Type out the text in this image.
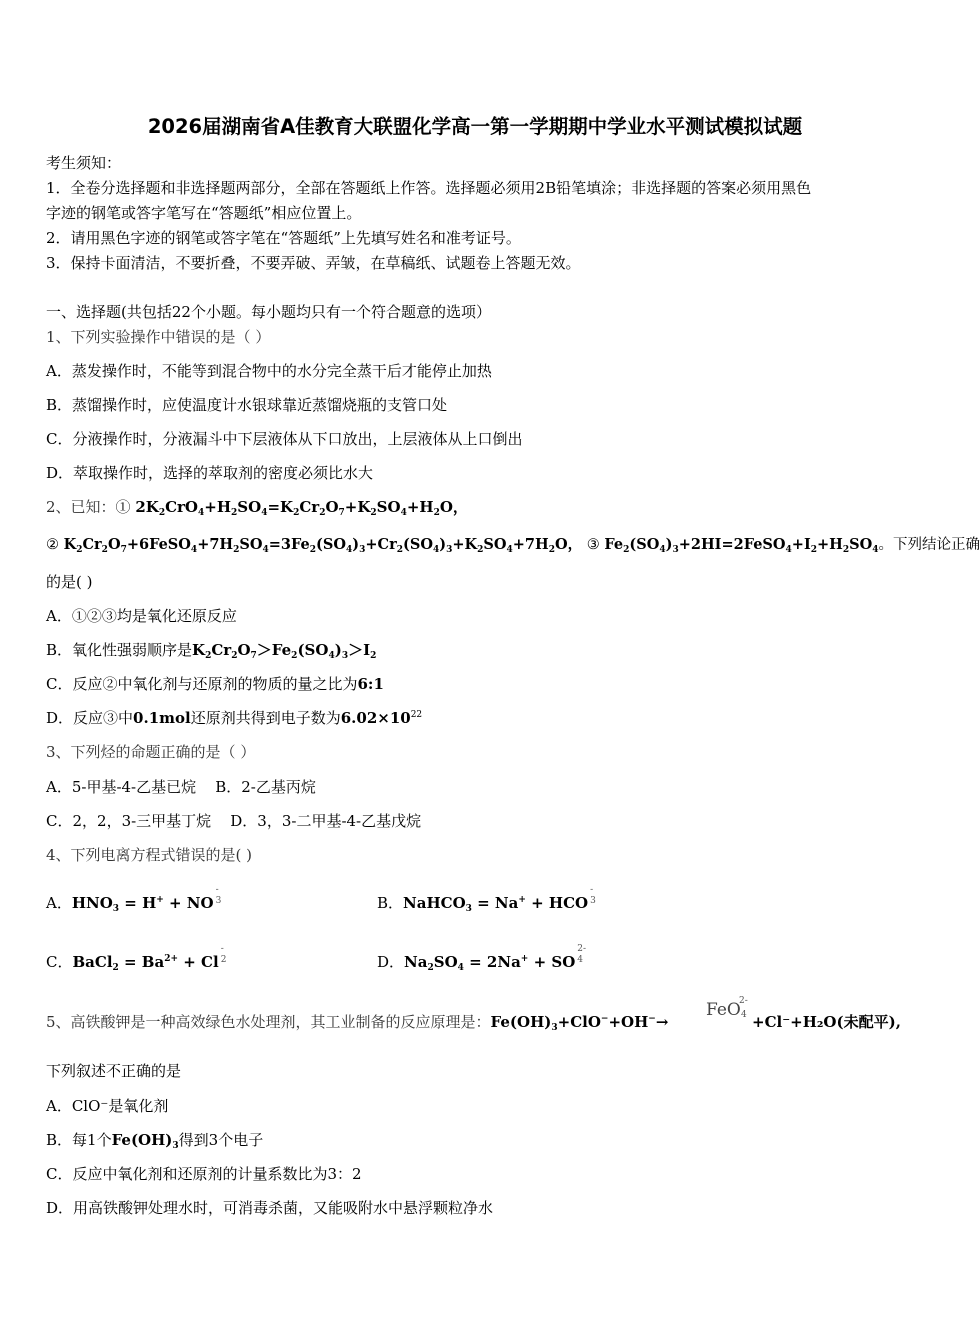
2026届湖南省A佳教育大联盟化学高一第一学期期中学业水平测试模拟试题
考生须知：
1．全卷分选择题和非选择题两部分，全部在答题纸上作答。选择题必须用2B铅笔填涂；非选择题的答案必须用黑色
字迹的钢笔或答字笔写在“答题纸”相应位置上。
2．请用黑色字迹的钢笔或答字笔在“答题纸”上先填写姓名和准考证号。
3．保持卡面清洁，不要折叠，不要弄破、弄皱，在草稿纸、试题卷上答题无效。
一、选择题(共包括22个小题。每小题均只有一个符合题意的选项）
1、下列实验操作中错误的是（ ）
A．蒸发操作时，不能等到混合物中的水分完全蒸干后才能停止加热
B．蒸馏操作时，应使温度计水银球靠近蒸馏烧瓶的支管口处
C．分液操作时，分液漏斗中下层液体从下口放出，上层液体从上口倒出
D．萃取操作时，选择的萃取剂的密度必须比水大
2、已知：① $2K_2CrO_4+H_2SO_4=K_2Cr_2O_7+K_2SO_4+H_2O$，
② $K_2Cr_2O_7+6FeSO_4+7H_2SO_4=3Fe_2(SO_4)_3+Cr_2(SO_4)_3+K_2SO_4+7H_2O$， ③ $Fe_2(SO_4)_3+2HI=2FeSO_4+I_2+H_2SO_4$。下列结论正确
的是( )
A．①②③均是氧化还原反应
B．氧化性强弱顺序是$K_2Cr_2O_7>Fe_2(SO_4)_3>I_2$
C．反应②中氧化剂与还原剂的物质的量之比为6:1
D．反应③中0.1mol还原剂共得到电子数为$6.02\times 10^{22}$
3、下列烃的命题正确的是（ ）
A．5-甲基-4-乙基已烷 B．2-乙基丙烷
C．2，2，3-三甲基丁烷 D．3，3-二甲基-4-乙基戊烷
4、下列电离方程式错误的是( )
A．$HNO_3 = H^+$ + NO
-
3	B．NaHCO$_3$ = Na+ + HCO
-
3
C．BaCl$_2$ = $Ba^{2+} + Cl$
-
2	D．$Na_2SO_4 = 2Na^+$ + SO
2-
4
5、高铁酸钾是一种高效绿色水处理剂，其工业制备的反应原理是：$Fe(OH)_3+ClO^-+OH^-\to$
FeO
2-
4 +Cl⁻+H₂O(未配平),
下列叙述不正确的是
A．ClO⁻是氧化剂
B．每1个$Fe(OH)_3$得到3个电子
C．反应中氧化剂和还原剂的计量系数比为3：2
D．用高铁酸钾处理水时，可消毒杀菌，又能吸附水中悬浮颗粒净水
